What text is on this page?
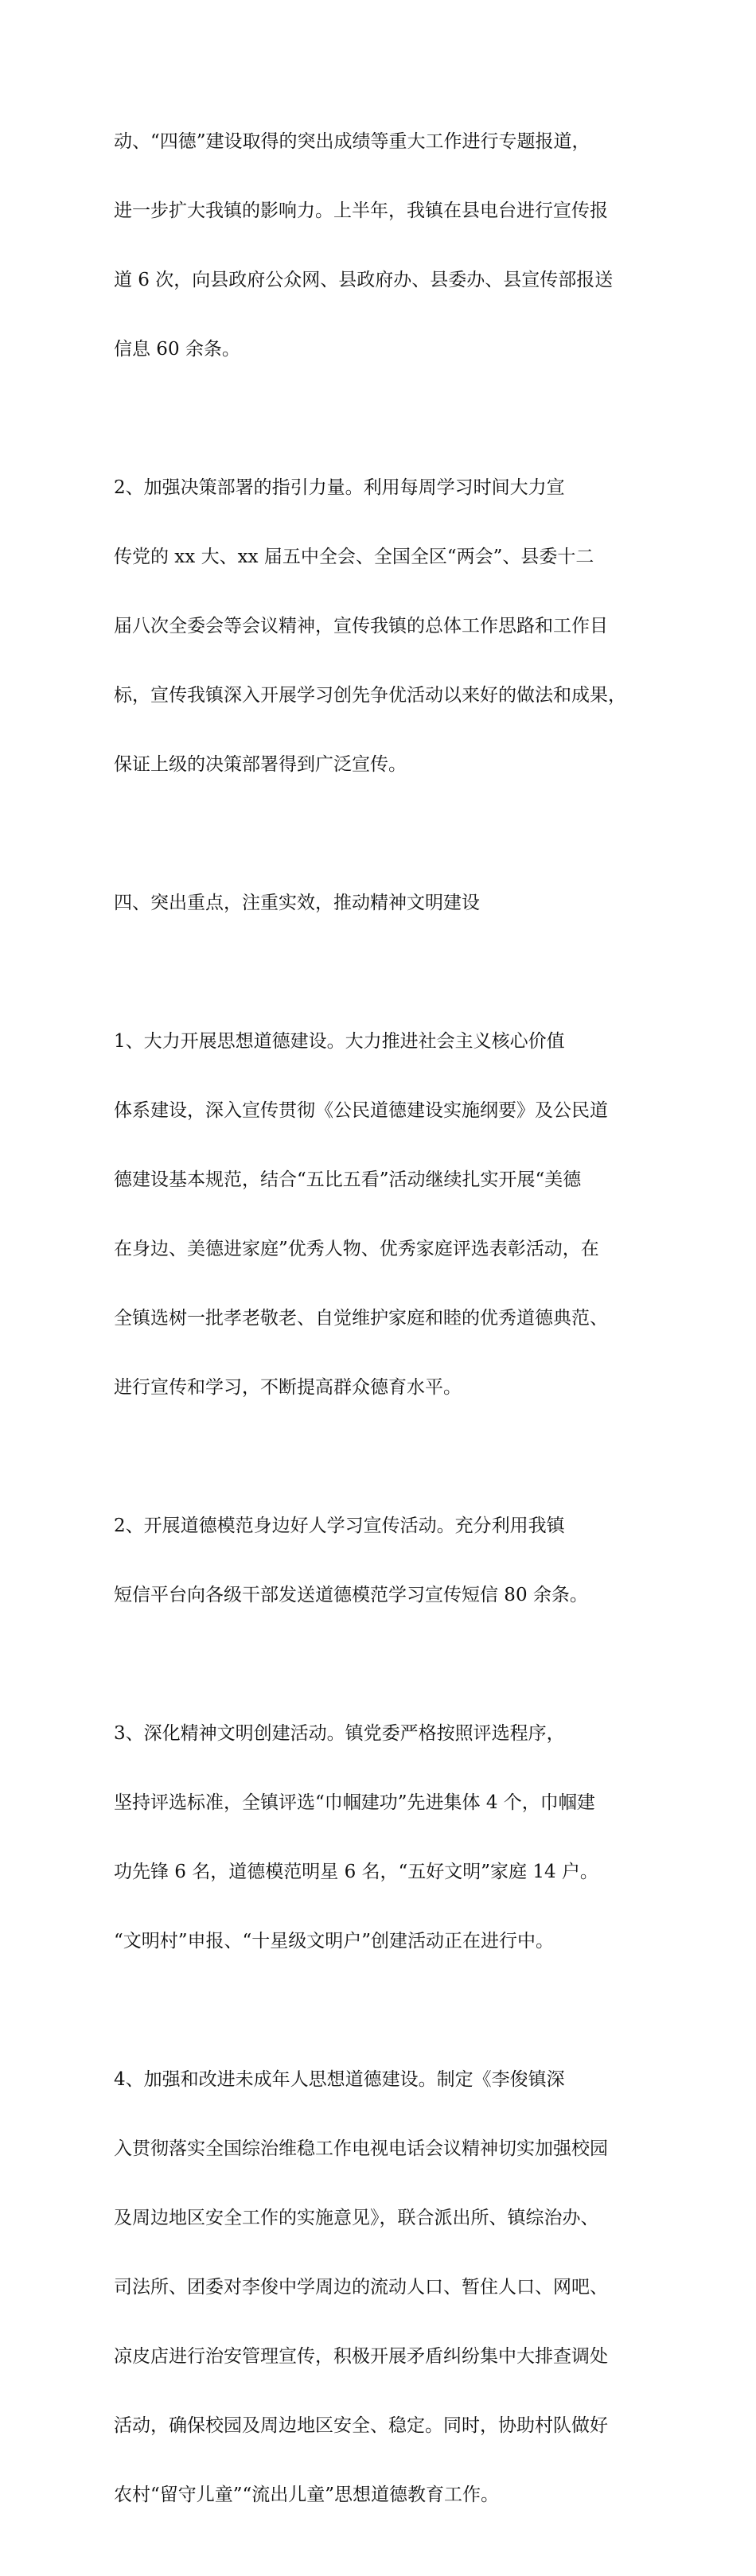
动、“四德”建设取得的突出成绩等重大工作进行专题报道，

进一步扩大我镇的影响力。上半年，我镇在县电台进行宣传报

道 6 次，向县政府公众网、县政府办、县委办、县宣传部报送

信息 60 余条。

2、加强决策部署的指引力量。利用每周学习时间大力宣

传党的 xx 大、xx 届五中全会、全国全区“两会”、县委十二

届八次全委会等会议精神，宣传我镇的总体工作思路和工作目

标，宣传我镇深入开展学习创先争优活动以来好的做法和成果，

保证上级的决策部署得到广泛宣传。

四、突出重点，注重实效，推动精神文明建设

1、大力开展思想道德建设。大力推进社会主义核心价值

体系建设，深入宣传贯彻《公民道德建设实施纲要》及公民道

德建设基本规范，结合“五比五看”活动继续扎实开展“美德

在身边、美德进家庭”优秀人物、优秀家庭评选表彰活动，在

全镇选树一批孝老敬老、自觉维护家庭和睦的优秀道德典范、

进行宣传和学习，不断提高群众德育水平。

2、开展道德模范身边好人学习宣传活动。充分利用我镇

短信平台向各级干部发送道德模范学习宣传短信 80 余条。

3、深化精神文明创建活动。镇党委严格按照评选程序，

坚持评选标准，全镇评选“巾帼建功”先进集体 4 个，巾帼建

功先锋 6 名，道德模范明星 6 名，“五好文明”家庭 14 户。

“文明村”申报、“十星级文明户”创建活动正在进行中。

4、加强和改进未成年人思想道德建设。制定《李俊镇深

入贯彻落实全国综治维稳工作电视电话会议精神切实加强校园

及周边地区安全工作的实施意见》，联合派出所、镇综治办、

司法所、团委对李俊中学周边的流动人口、暂住人口、网吧、

凉皮店进行治安管理宣传，积极开展矛盾纠纷集中大排查调处

活动，确保校园及周边地区安全、稳定。同时，协助村队做好

农村“留守儿童”“流出儿童”思想道德教育工作。
